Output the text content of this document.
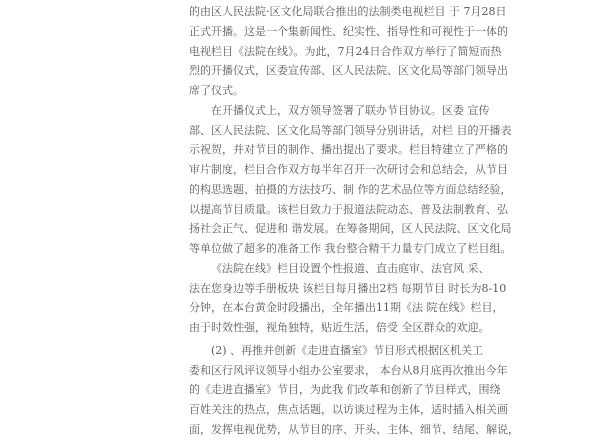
的由区人民法院·区文化局联合推出的法制类电视栏目 于 7月28日
正式开播。这是一个集新闻性、纪实性、指导性和可视性于一体的
电视栏目《法院在线》。为此，7月24日合作双方举行了简短而热
烈的开播仪式，区委宣传部、区人民法院、区文化局等部门领导出
席了仪式。
在开播仪式上，双方领导签署了联办节目协议。区委 宣传
部、区人民法院、区文化局等部门领导分别讲话，对栏 目的开播表
示祝贺，并对节目的制作、播出提出了要求。栏目特建立了严格的
审片制度，栏目合作双方每半年召开一次研讨会和总结会，从节目
的构思选题、拍摄的方法技巧、制 作的艺术品位等方面总结经验，
以提高节目质量。该栏目致力于报道法院动态、普及法制教育、弘
扬社会正气、促进和 谐发展。在筹备期间，区人民法院、区文化局
等单位做了超多的准备工作 我台整合精干力量专门成立了栏目组。
《法院在线》栏目设置个性报道、直击庭审、法官风 采、
法在您身边等手册板块 该栏目每月播出2档 每期节目 时长为8-10
分钟，在本台黄金时段播出，全年播出11期《法 院在线》栏目，
由于时效性强，视角独特，贴近生活，倍受 全区群众的欢迎。
(2) 、再推并创新《走进直播室》节目形式根据区机关工
委和区行风评议领导小组办公室要求， 本台从8月底再次推出今年
的《走进直播室》节目，为此我 们改革和创新了节目样式，围绕
百姓关注的热点，焦点话题，以访谈过程为主体，适时插入相关画
面，发挥电视优势，从节目的序、开头、主体、细节、结尾、解说，
